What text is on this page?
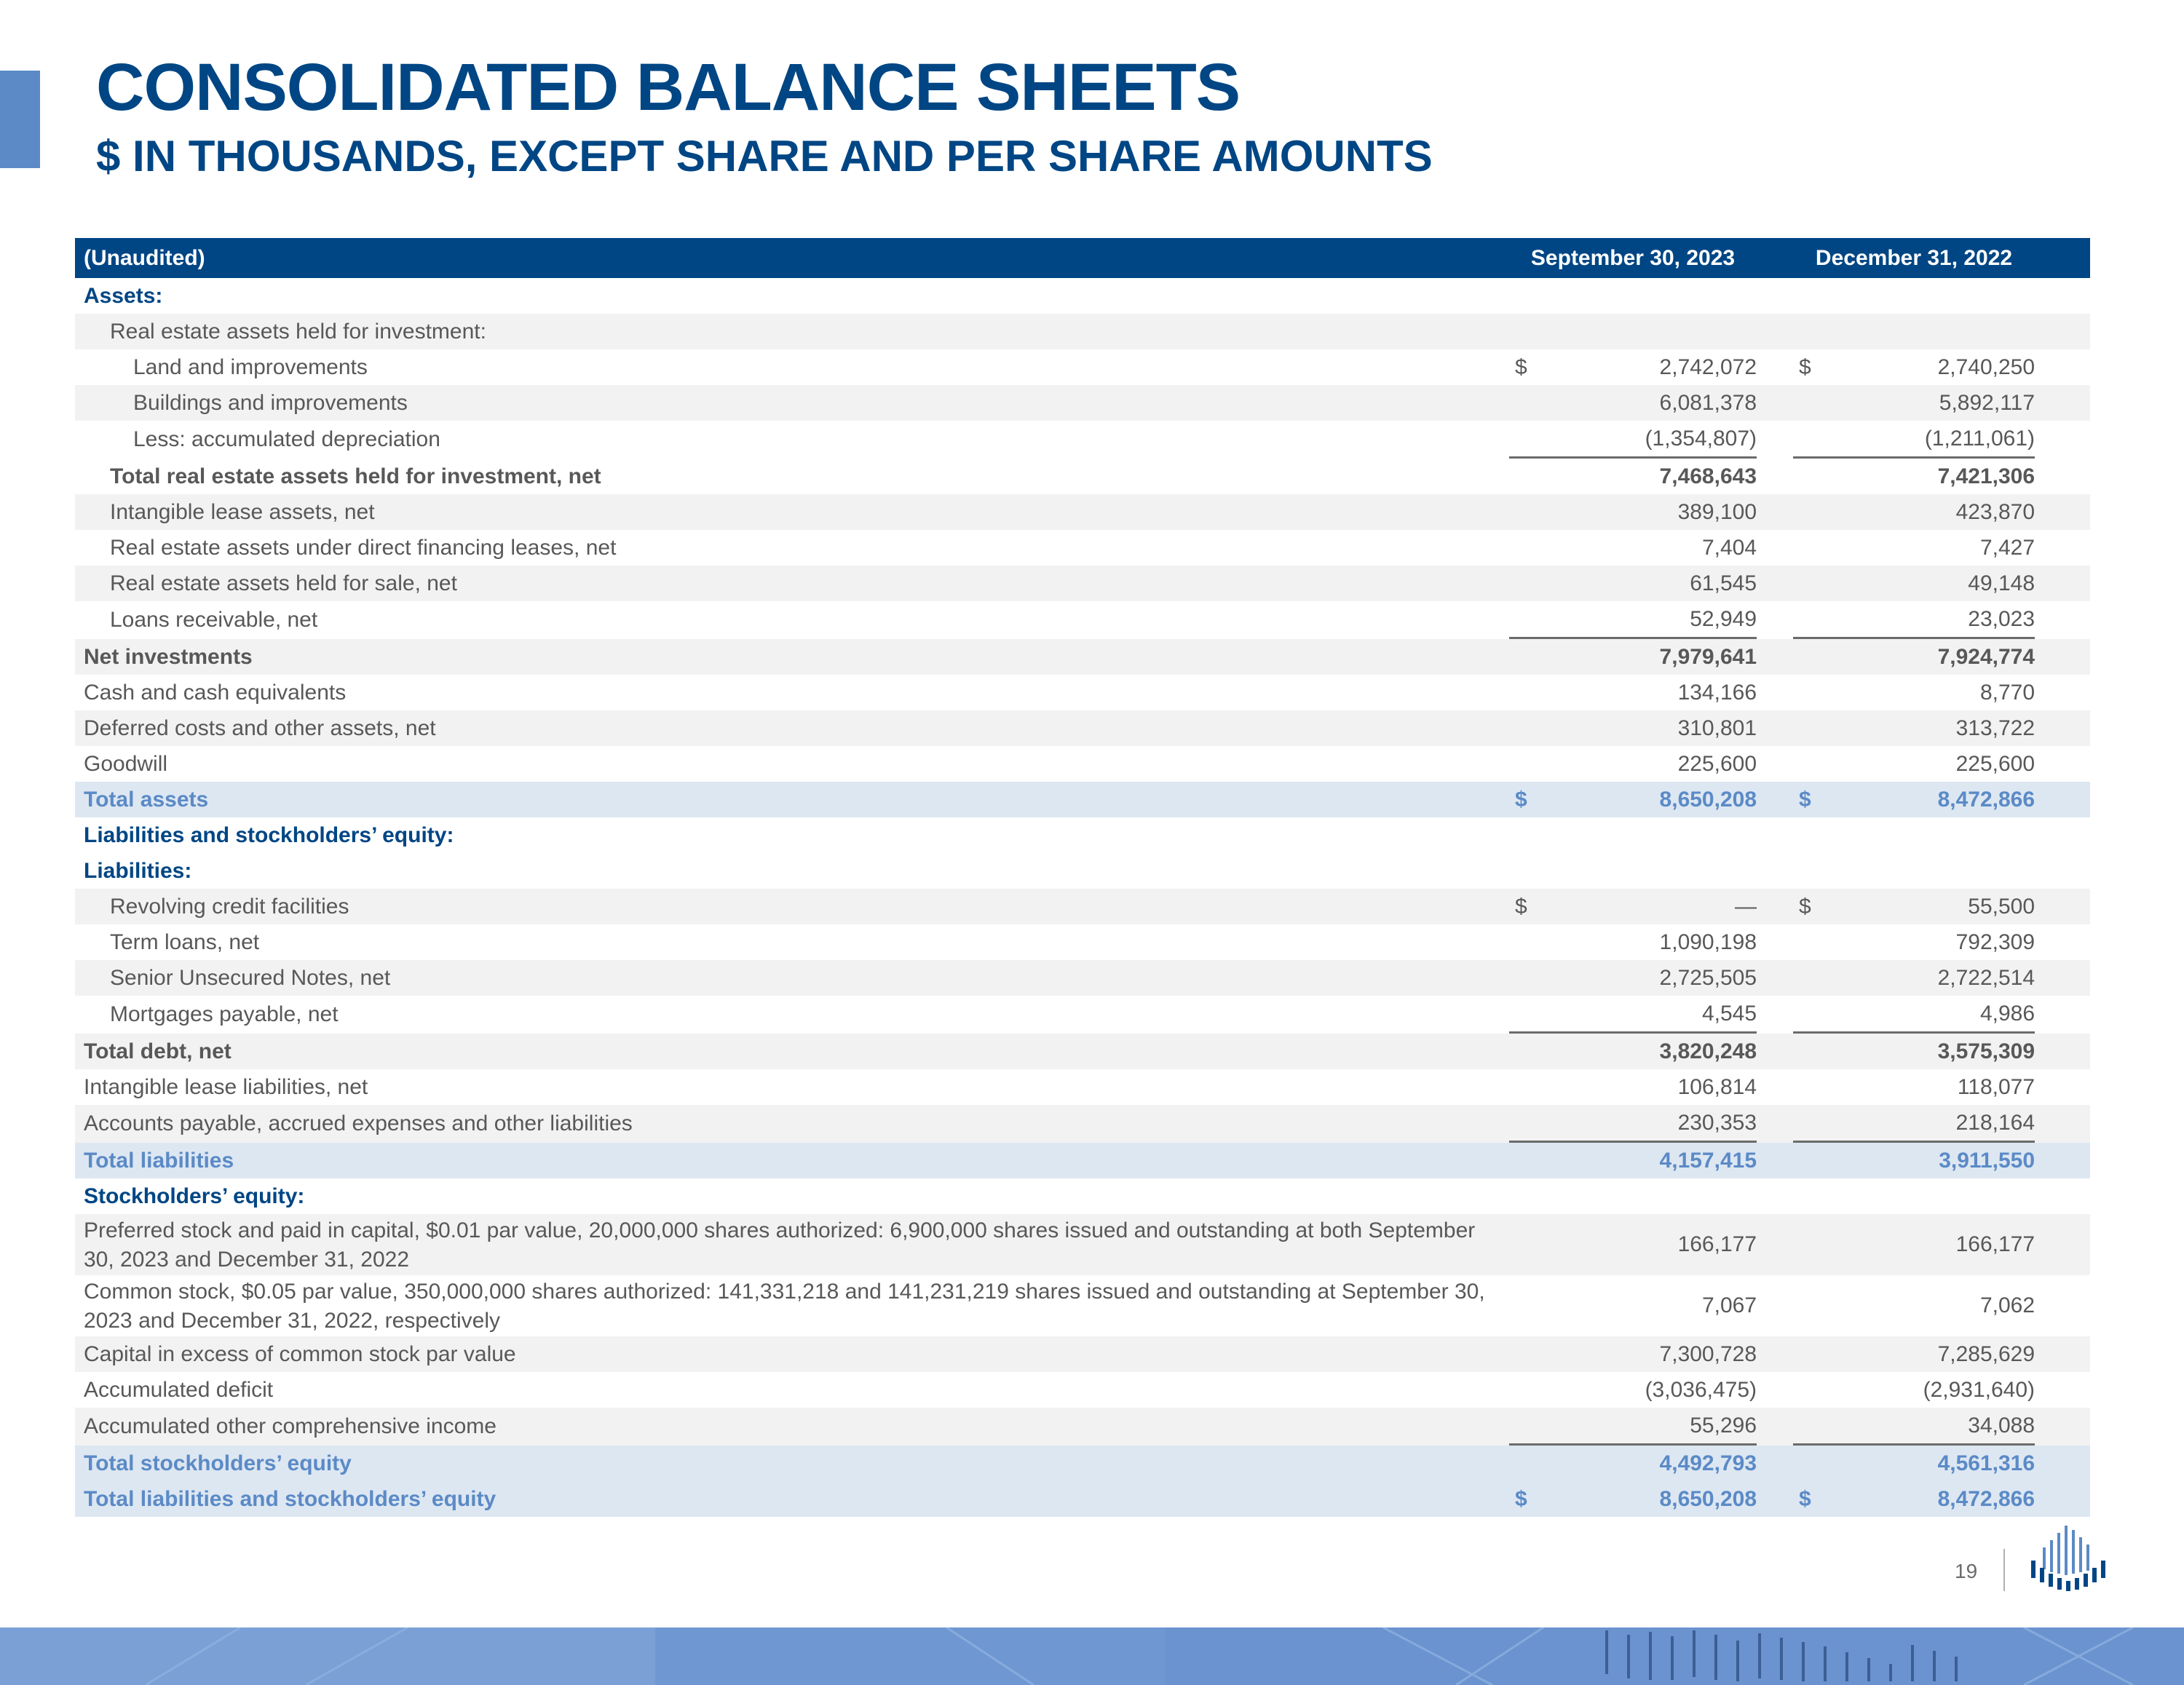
CONSOLIDATED BALANCE SHEETS
$ IN THOUSANDS, EXCEPT SHARE AND PER SHARE AMOUNTS
(Unaudited)	September 30, 2023			December 31, 2022		
Assets:						
Real estate assets held for investment:						
Land and improvements	$	2,742,072		$	2,740,250	
Buildings and improvements		6,081,378			5,892,117	
Less: accumulated depreciation		(1,354,807)			(1,211,061)	
Total real estate assets held for investment, net		7,468,643			7,421,306	
Intangible lease assets, net		389,100			423,870	
Real estate assets under direct financing leases, net		7,404			7,427	
Real estate assets held for sale, net		61,545			49,148	
Loans receivable, net		52,949			23,023	
Net investments		7,979,641			7,924,774	
Cash and cash equivalents		134,166			8,770	
Deferred costs and other assets, net		310,801			313,722	
Goodwill		225,600			225,600	
Total assets	$	8,650,208		$	8,472,866	
Liabilities and stockholders’ equity:						
Liabilities:						
Revolving credit facilities	$	—		$	55,500	
Term loans, net		1,090,198			792,309	
Senior Unsecured Notes, net		2,725,505			2,722,514	
Mortgages payable, net		4,545			4,986	
Total debt, net		3,820,248			3,575,309	
Intangible lease liabilities, net		106,814			118,077	
Accounts payable, accrued expenses and other liabilities		230,353			218,164	
Total liabilities		4,157,415			3,911,550	
Stockholders’ equity:						
Preferred stock and paid in capital, $0.01 par value, 20,000,000 shares authorized: 6,900,000 shares issued and outstanding at both September 30, 2023 and December 31, 2022		166,177			166,177	
Common stock, $0.05 par value, 350,000,000 shares authorized: 141,331,218 and 141,231,219 shares issued and outstanding at September 30, 2023 and December 31, 2022, respectively		7,067			7,062	
Capital in excess of common stock par value		7,300,728			7,285,629	
Accumulated deficit		(3,036,475)			(2,931,640)	
Accumulated other comprehensive income		55,296			34,088	
Total stockholders’ equity		4,492,793			4,561,316	
Total liabilities and stockholders’ equity	$	8,650,208		$	8,472,866	
19
